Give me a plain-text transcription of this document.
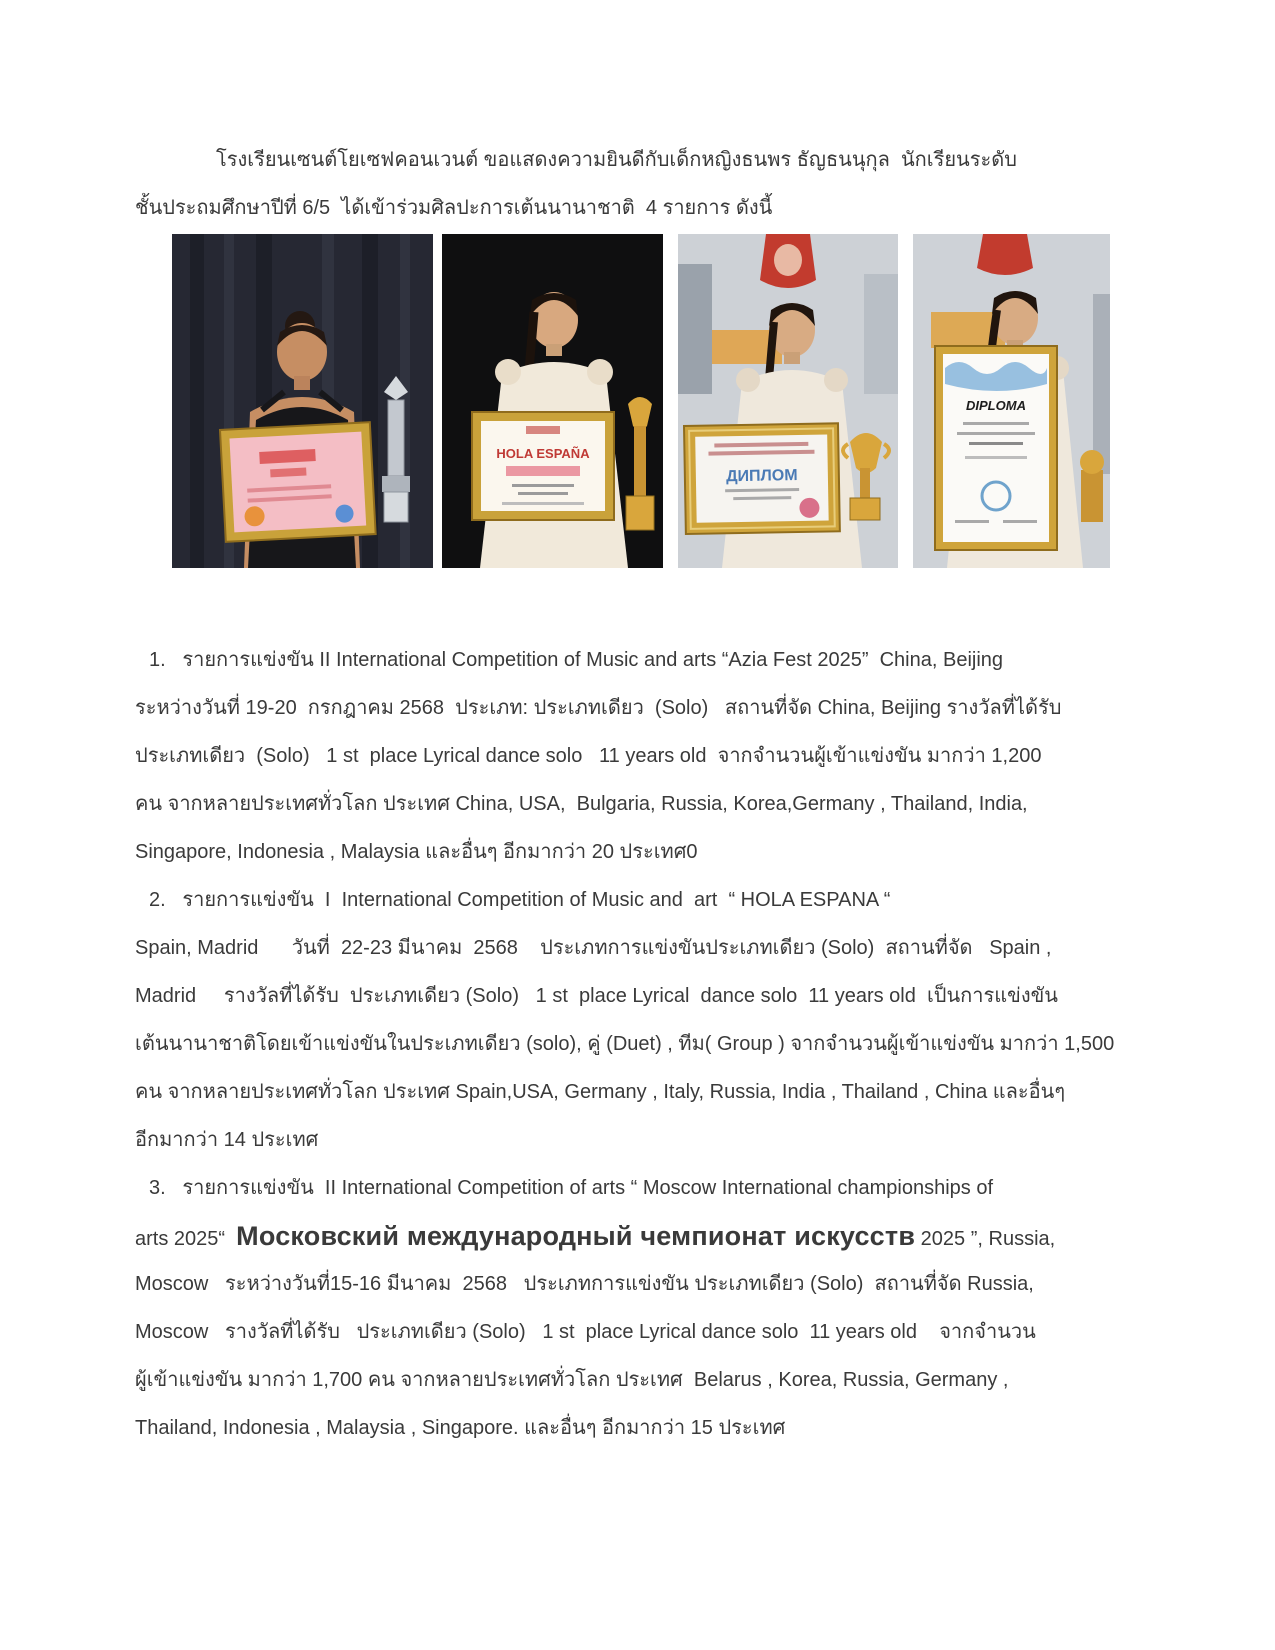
โรงเรียนเซนต์โยเซฟคอนเวนต์ ขอแสดงความยินดีกับเด็กหญิงธนพร ธัญธนนุกุล  นักเรียนระดับ
ชั้นประถมศึกษาปีที่ 6/5  ได้เข้าร่วมศิลปะการเต้นนานาชาติ  4 รายการ ดังนี้
HOLA ESPAÑA
ДИПЛОМ
DIPLOMA
1.   รายการแข่งขัน II International Competition of Music and arts “Azia Fest 2025”  China, Beijing
ระหว่างวันที่ 19-20  กรกฎาคม 2568  ประเภท: ประเภทเดียว  (Solo)   สถานที่จัด China, Beijing รางวัลที่ได้รับ
ประเภทเดียว  (Solo)   1 st  place Lyrical dance solo   11 years old  จากจำนวนผู้เข้าแข่งขัน มากว่า 1,200
คน จากหลายประเทศทั่วโลก ประเทศ China, USA,  Bulgaria, Russia, Korea,Germany , Thailand, India,
Singapore, Indonesia , Malaysia และอื่นๆ อีกมากว่า 20 ประเทศ0
2.   รายการแข่งขัน  I  International Competition of Music and  art  “ HOLA ESPANA “
Spain, Madrid      วันที่  22-23 มีนาคม  2568    ประเภทการแข่งขันประเภทเดียว (Solo)  สถานที่จัด   Spain ,
Madrid     รางวัลที่ได้รับ  ประเภทเดียว (Solo)   1 st  place Lyrical  dance solo  11 years old  เป็นการแข่งขัน
เต้นนานาชาติโดยเข้าแข่งขันในประเภทเดียว (solo), คู่ (Duet) , ทีม( Group ) จากจำนวนผู้เข้าแข่งขัน มากว่า 1,500
คน จากหลายประเทศทั่วโลก ประเทศ Spain,USA, Germany , Italy, Russia, India , Thailand , China และอื่นๆ
อีกมากว่า 14 ประเทศ
3.   รายการแข่งขัน  II International Competition of arts “ Moscow International championships of
arts 2025“  Московский международный чемпионат искусств 2025 ”, Russia,
Moscow   ระหว่างวันที่15-16 มีนาคม  2568   ประเภทการแข่งขัน ประเภทเดียว (Solo)  สถานที่จัด Russia,
Moscow   รางวัลที่ได้รับ   ประเภทเดียว (Solo)   1 st  place Lyrical dance solo  11 years old    จากจำนวน
ผู้เข้าแข่งขัน มากว่า 1,700 คน จากหลายประเทศทั่วโลก ประเทศ  Belarus , Korea, Russia, Germany ,
Thailand, Indonesia , Malaysia , Singapore. และอื่นๆ อีกมากว่า 15 ประเทศ
